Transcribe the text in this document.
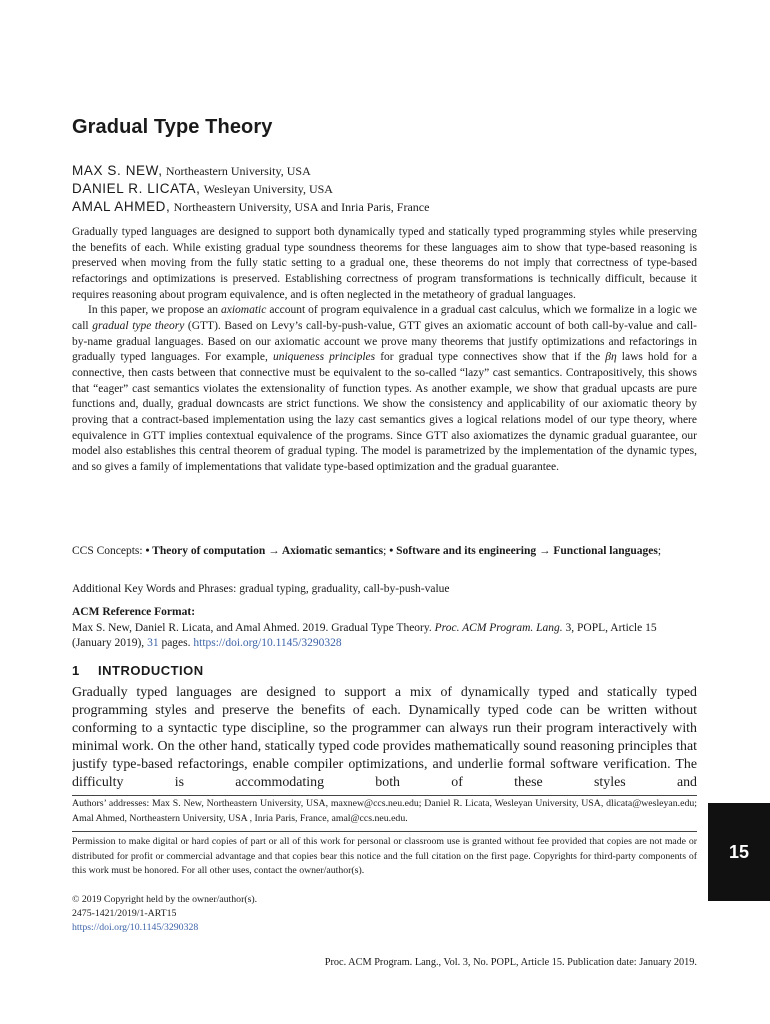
Gradual Type Theory
MAX S. NEW, Northeastern University, USA
DANIEL R. LICATA, Wesleyan University, USA
AMAL AHMED, Northeastern University, USA and Inria Paris, France

Gradually typed languages are designed to support both dynamically typed and statically typed programming styles while preserving the benefits of each. While existing gradual type soundness theorems for these languages aim to show that type-based reasoning is preserved when moving from the fully static setting to a gradual one, these theorems do not imply that correctness of type-based refactorings and optimizations is preserved. Establishing correctness of program transformations is technically difficult, because it requires reasoning about program equivalence, and is often neglected in the metatheory of gradual languages.

In this paper, we propose an axiomatic account of program equivalence in a gradual cast calculus, which we formalize in a logic we call gradual type theory (GTT). Based on Levy’s call-by-push-value, GTT gives an axiomatic account of both call-by-value and call-by-name gradual languages. Based on our axiomatic account we prove many theorems that justify optimizations and refactorings in gradually typed languages. For example, uniqueness principles for gradual type connectives show that if the βη laws hold for a connective, then casts between that connective must be equivalent to the so-called “lazy” cast semantics. Contrapositively, this shows that “eager” cast semantics violates the extensionality of function types. As another example, we show that gradual upcasts are pure functions and, dually, gradual downcasts are strict functions. We show the consistency and applicability of our axiomatic theory by proving that a contract-based implementation using the lazy cast semantics gives a logical relations model of our type theory, where equivalence in GTT implies contextual equivalence of the programs. Since GTT also axiomatizes the dynamic gradual guarantee, our model also establishes this central theorem of gradual typing. The model is parametrized by the implementation of the dynamic types, and so gives a family of implementations that validate type-based optimization and the gradual guarantee.

CCS Concepts: • Theory of computation → Axiomatic semantics; • Software and its engineering → Functional languages;
Additional Key Words and Phrases: gradual typing, graduality, call-by-push-value
ACM Reference Format:
Max S. New, Daniel R. Licata, and Amal Ahmed. 2019. Gradual Type Theory. Proc. ACM Program. Lang. 3, POPL, Article 15 (January 2019), 31 pages. https://doi.org/10.1145/3290328
1 INTRODUCTION
Gradually typed languages are designed to support a mix of dynamically typed and statically typed programming styles and preserve the benefits of each. Dynamically typed code can be written without conforming to a syntactic type discipline, so the programmer can always run their program interactively with minimal work. On the other hand, statically typed code provides mathematically sound reasoning principles that justify type-based refactorings, enable compiler optimizations, and underlie formal software verification. The difficulty is accommodating both of these styles and
Authors’ addresses: Max S. New, Northeastern University, USA, maxnew@ccs.neu.edu; Daniel R. Licata, Wesleyan University, USA, dlicata@wesleyan.edu; Amal Ahmed, Northeastern University, USA , Inria Paris, France, amal@ccs.neu.edu.
Permission to make digital or hard copies of part or all of this work for personal or classroom use is granted without fee provided that copies are not made or distributed for profit or commercial advantage and that copies bear this notice and the full citation on the first page. Copyrights for third-party components of this work must be honored. For all other uses, contact the owner/author(s).
© 2019 Copyright held by the owner/author(s).
2475-1421/2019/1-ART15
https://doi.org/10.1145/3290328
15
Proc. ACM Program. Lang., Vol. 3, No. POPL, Article 15. Publication date: January 2019.
